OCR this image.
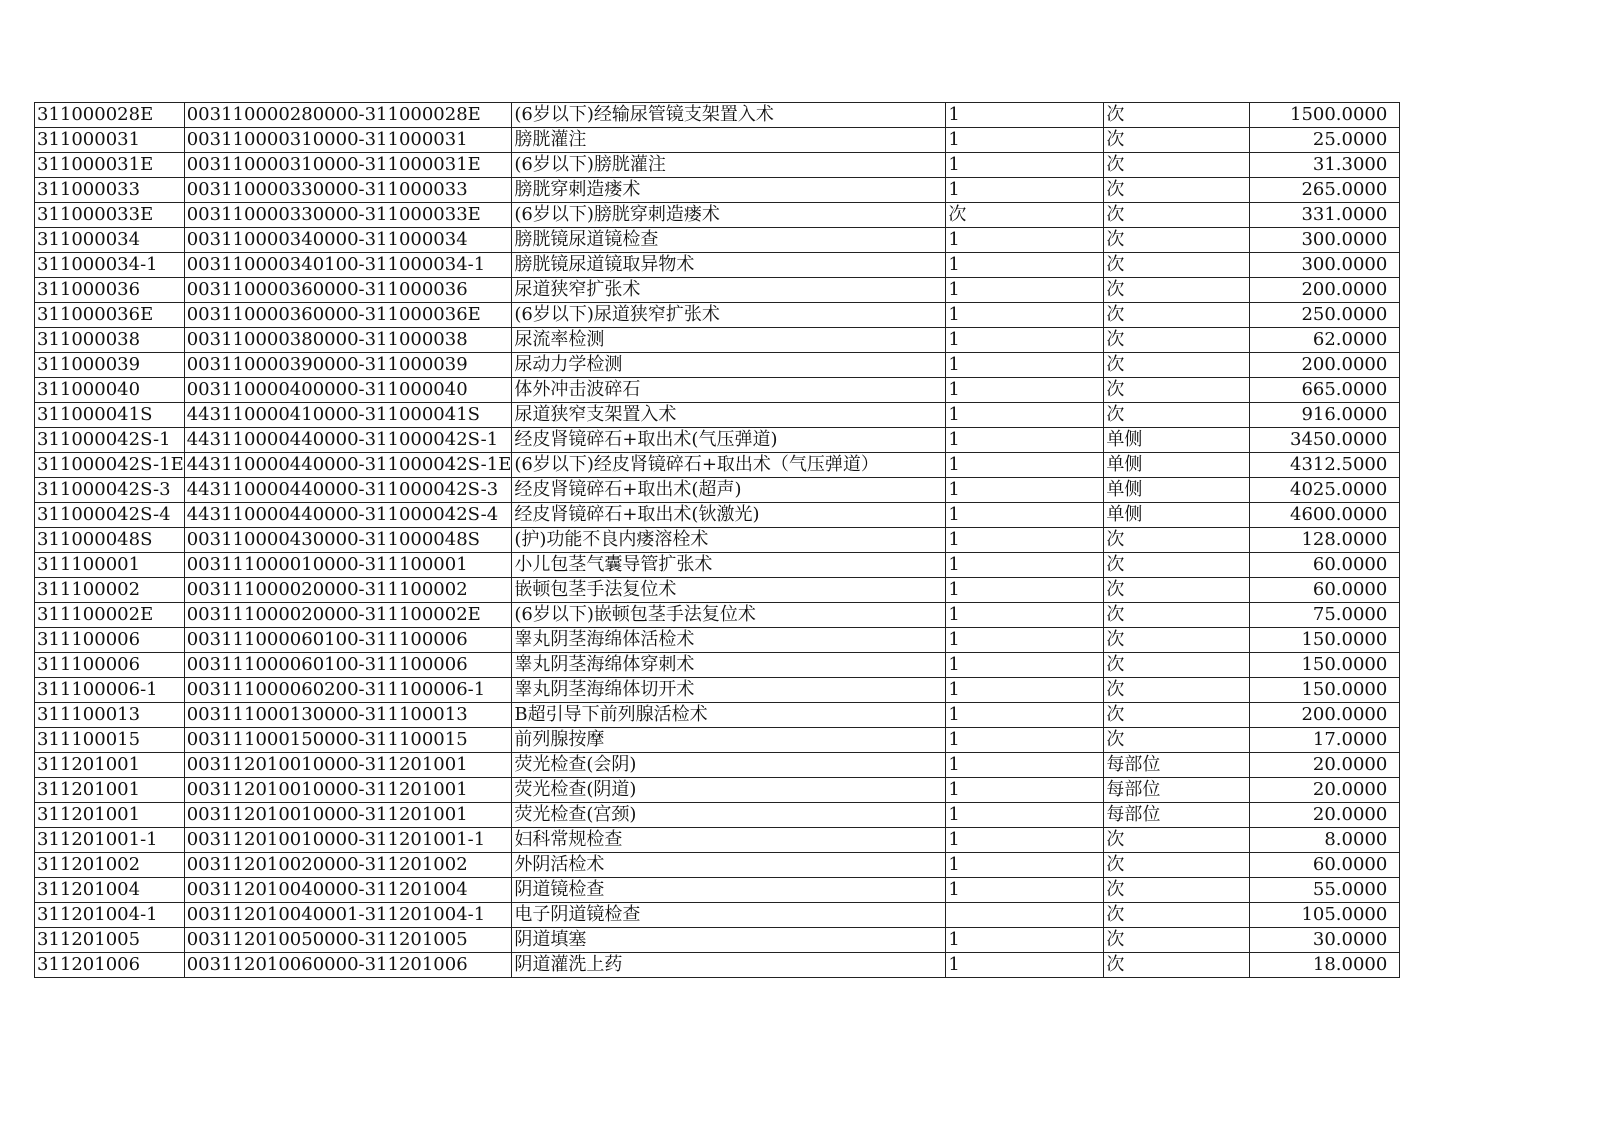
311000028E	003110000280000-311000028E	(6岁以下)经输尿管镜支架置入术	1	次	1500.0000
311000031	003110000310000-311000031	膀胱灌注	1	次	25.0000
311000031E	003110000310000-311000031E	(6岁以下)膀胱灌注	1	次	31.3000
311000033	003110000330000-311000033	膀胱穿刺造瘘术	1	次	265.0000
311000033E	003110000330000-311000033E	(6岁以下)膀胱穿刺造瘘术	次	次	331.0000
311000034	003110000340000-311000034	膀胱镜尿道镜检查	1	次	300.0000
311000034-1	003110000340100-311000034-1	膀胱镜尿道镜取异物术	1	次	300.0000
311000036	003110000360000-311000036	尿道狭窄扩张术	1	次	200.0000
311000036E	003110000360000-311000036E	(6岁以下)尿道狭窄扩张术	1	次	250.0000
311000038	003110000380000-311000038	尿流率检测	1	次	62.0000
311000039	003110000390000-311000039	尿动力学检测	1	次	200.0000
311000040	003110000400000-311000040	体外冲击波碎石	1	次	665.0000
311000041S	443110000410000-311000041S	尿道狭窄支架置入术	1	次	916.0000
311000042S-1	443110000440000-311000042S-1	经皮肾镜碎石+取出术(气压弹道)	1	单侧	3450.0000
311000042S-1E	443110000440000-311000042S-1E	(6岁以下)经皮肾镜碎石+取出术（气压弹道）	1	单侧	4312.5000
311000042S-3	443110000440000-311000042S-3	经皮肾镜碎石+取出术(超声)	1	单侧	4025.0000
311000042S-4	443110000440000-311000042S-4	经皮肾镜碎石+取出术(钬激光)	1	单侧	4600.0000
311000048S	003110000430000-311000048S	(护)功能不良内瘘溶栓术	1	次	128.0000
311100001	003111000010000-311100001	小儿包茎气囊导管扩张术	1	次	60.0000
311100002	003111000020000-311100002	嵌顿包茎手法复位术	1	次	60.0000
311100002E	003111000020000-311100002E	(6岁以下)嵌顿包茎手法复位术	1	次	75.0000
311100006	003111000060100-311100006	睾丸阴茎海绵体活检术	1	次	150.0000
311100006	003111000060100-311100006	睾丸阴茎海绵体穿刺术	1	次	150.0000
311100006-1	003111000060200-311100006-1	睾丸阴茎海绵体切开术	1	次	150.0000
311100013	003111000130000-311100013	B超引导下前列腺活检术	1	次	200.0000
311100015	003111000150000-311100015	前列腺按摩	1	次	17.0000
311201001	003112010010000-311201001	荧光检查(会阴)	1	每部位	20.0000
311201001	003112010010000-311201001	荧光检查(阴道)	1	每部位	20.0000
311201001	003112010010000-311201001	荧光检查(宫颈)	1	每部位	20.0000
311201001-1	003112010010000-311201001-1	妇科常规检查	1	次	8.0000
311201002	003112010020000-311201002	外阴活检术	1	次	60.0000
311201004	003112010040000-311201004	阴道镜检查	1	次	55.0000
311201004-1	003112010040001-311201004-1	电子阴道镜检查		次	105.0000
311201005	003112010050000-311201005	阴道填塞	1	次	30.0000
311201006	003112010060000-311201006	阴道灌洗上药	1	次	18.0000
